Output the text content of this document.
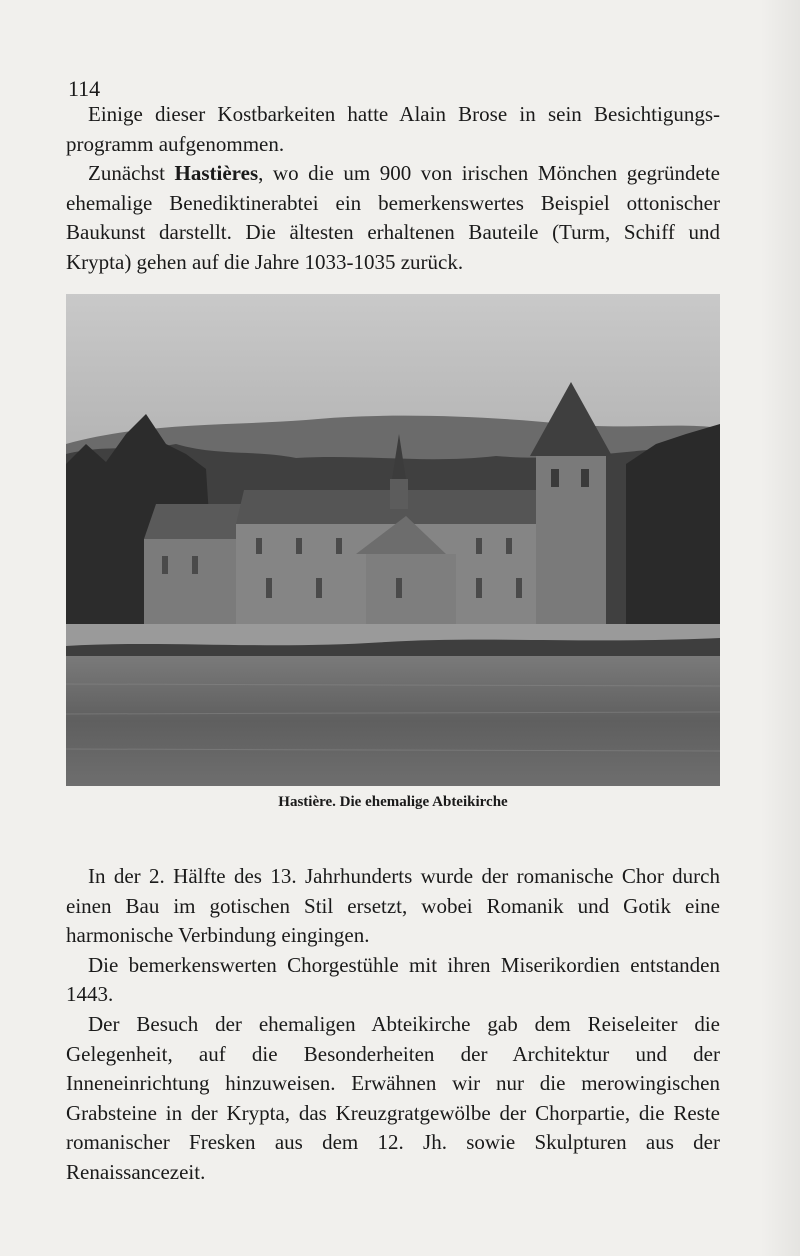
114

Einige dieser Kostbarkeiten hatte Alain Brose in sein Besichtigungs-programm aufgenommen.

Zunächst Hastières, wo die um 900 von irischen Mönchen gegründete ehemalige Benediktinerabtei ein bemerkenswertes Beispiel ottonischer Baukunst darstellt. Die ältesten erhaltenen Bauteile (Turm, Schiff und Krypta) gehen auf die Jahre 1033-1035 zurück.

Hastière. Die ehemalige Abteikirche

In der 2. Hälfte des 13. Jahrhunderts wurde der romanische Chor durch einen Bau im gotischen Stil ersetzt, wobei Romanik und Gotik eine harmonische Verbindung eingingen.

Die bemerkenswerten Chorgestühle mit ihren Miserikordien entstanden 1443.

Der Besuch der ehemaligen Abteikirche gab dem Reiseleiter die Gelegenheit, auf die Besonderheiten der Architektur und der Inneneinrichtung hinzuweisen. Erwähnen wir nur die merowingischen Grabsteine in der Krypta, das Kreuzgratgewölbe der Chorpartie, die Reste romanischer Fresken aus dem 12. Jh. sowie Skulpturen aus der Renaissancezeit.
